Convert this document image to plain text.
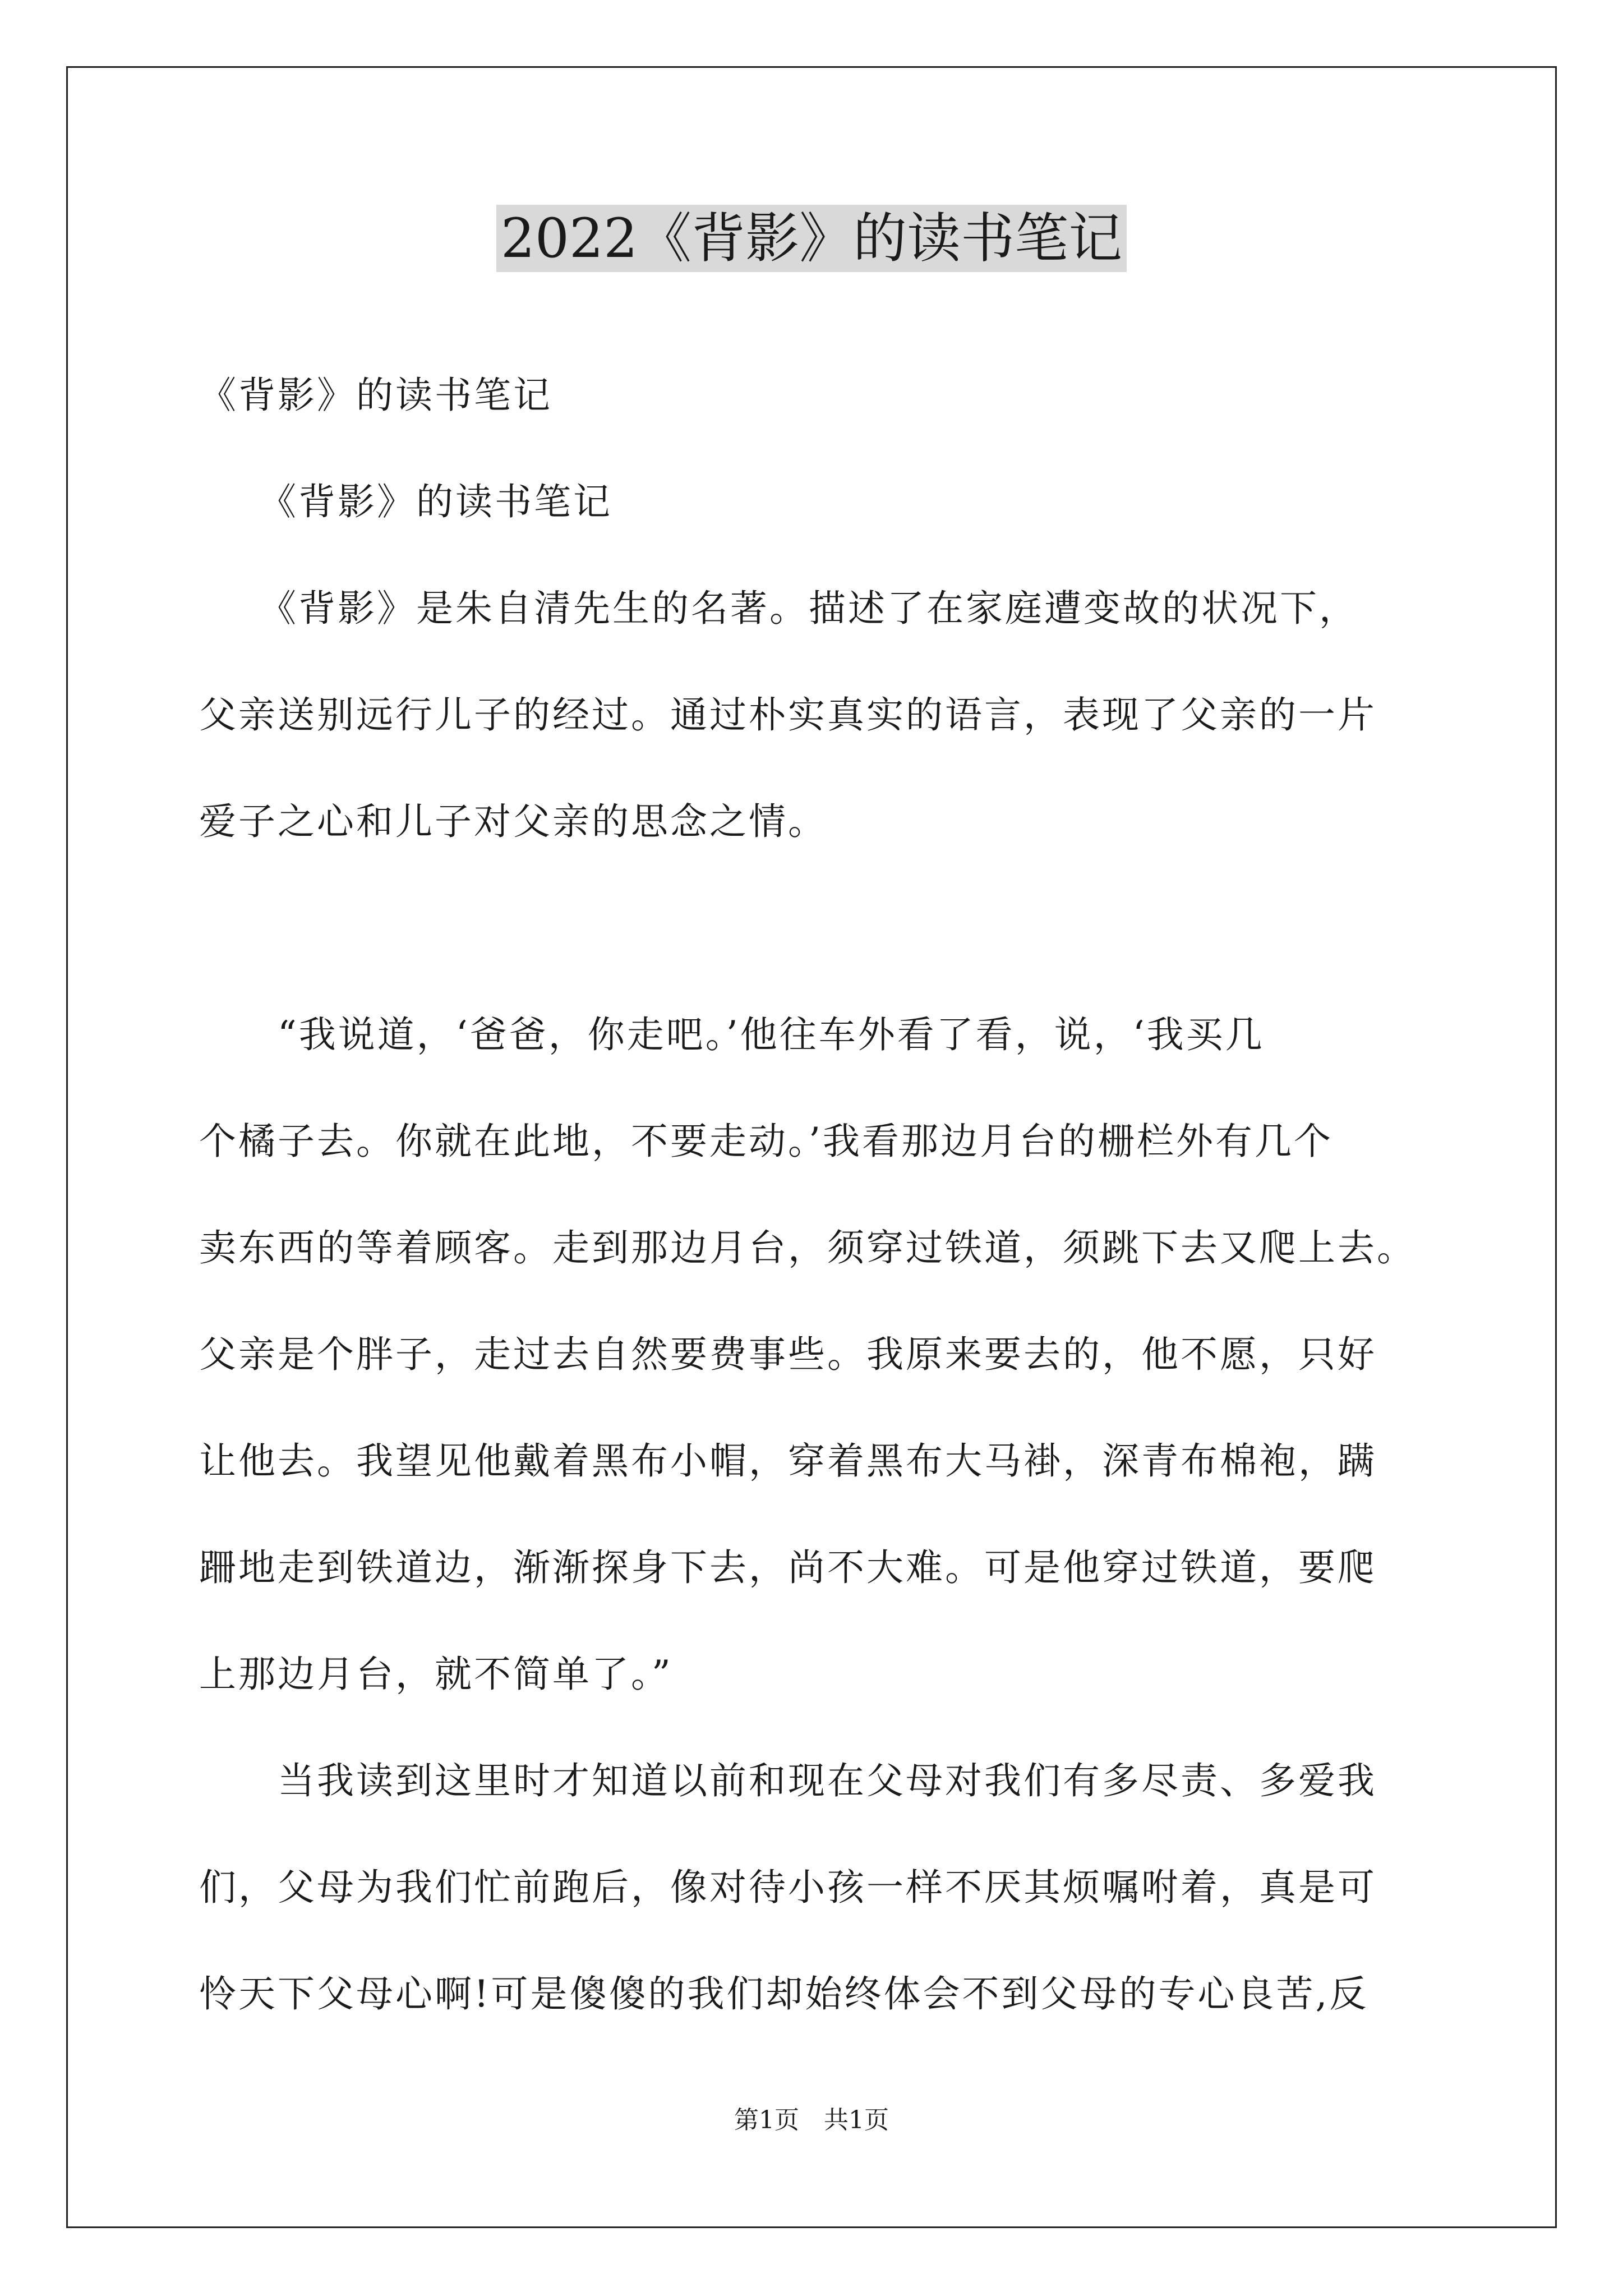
2022《背影》的读书笔记

《背影》的读书笔记

　　《背影》的读书笔记

　　《背影》是朱自清先生的名著。描述了在家庭遭变故的状况下，

父亲送别远行儿子的经过。通过朴实真实的语言，表现了父亲的一片

爱子之心和儿子对父亲的思念之情。

　　“我说道，‘爸爸，你走吧。’他往车外看了看，说，‘我买几

个橘子去。你就在此地，不要走动。’我看那边月台的栅栏外有几个

卖东西的等着顾客。走到那边月台，须穿过铁道，须跳下去又爬上去。

父亲是个胖子，走过去自然要费事些。我原来要去的，他不愿，只好

让他去。我望见他戴着黑布小帽，穿着黑布大马褂，深青布棉袍，蹒

跚地走到铁道边，渐渐探身下去，尚不大难。可是他穿过铁道，要爬

上那边月台，就不简单了。”

　　当我读到这里时才知道以前和现在父母对我们有多尽责、多爱我

们，父母为我们忙前跑后，像对待小孩一样不厌其烦嘱咐着，真是可

怜天下父母心啊!可是傻傻的我们却始终体会不到父母的专心良苦,反

第1页　共1页
